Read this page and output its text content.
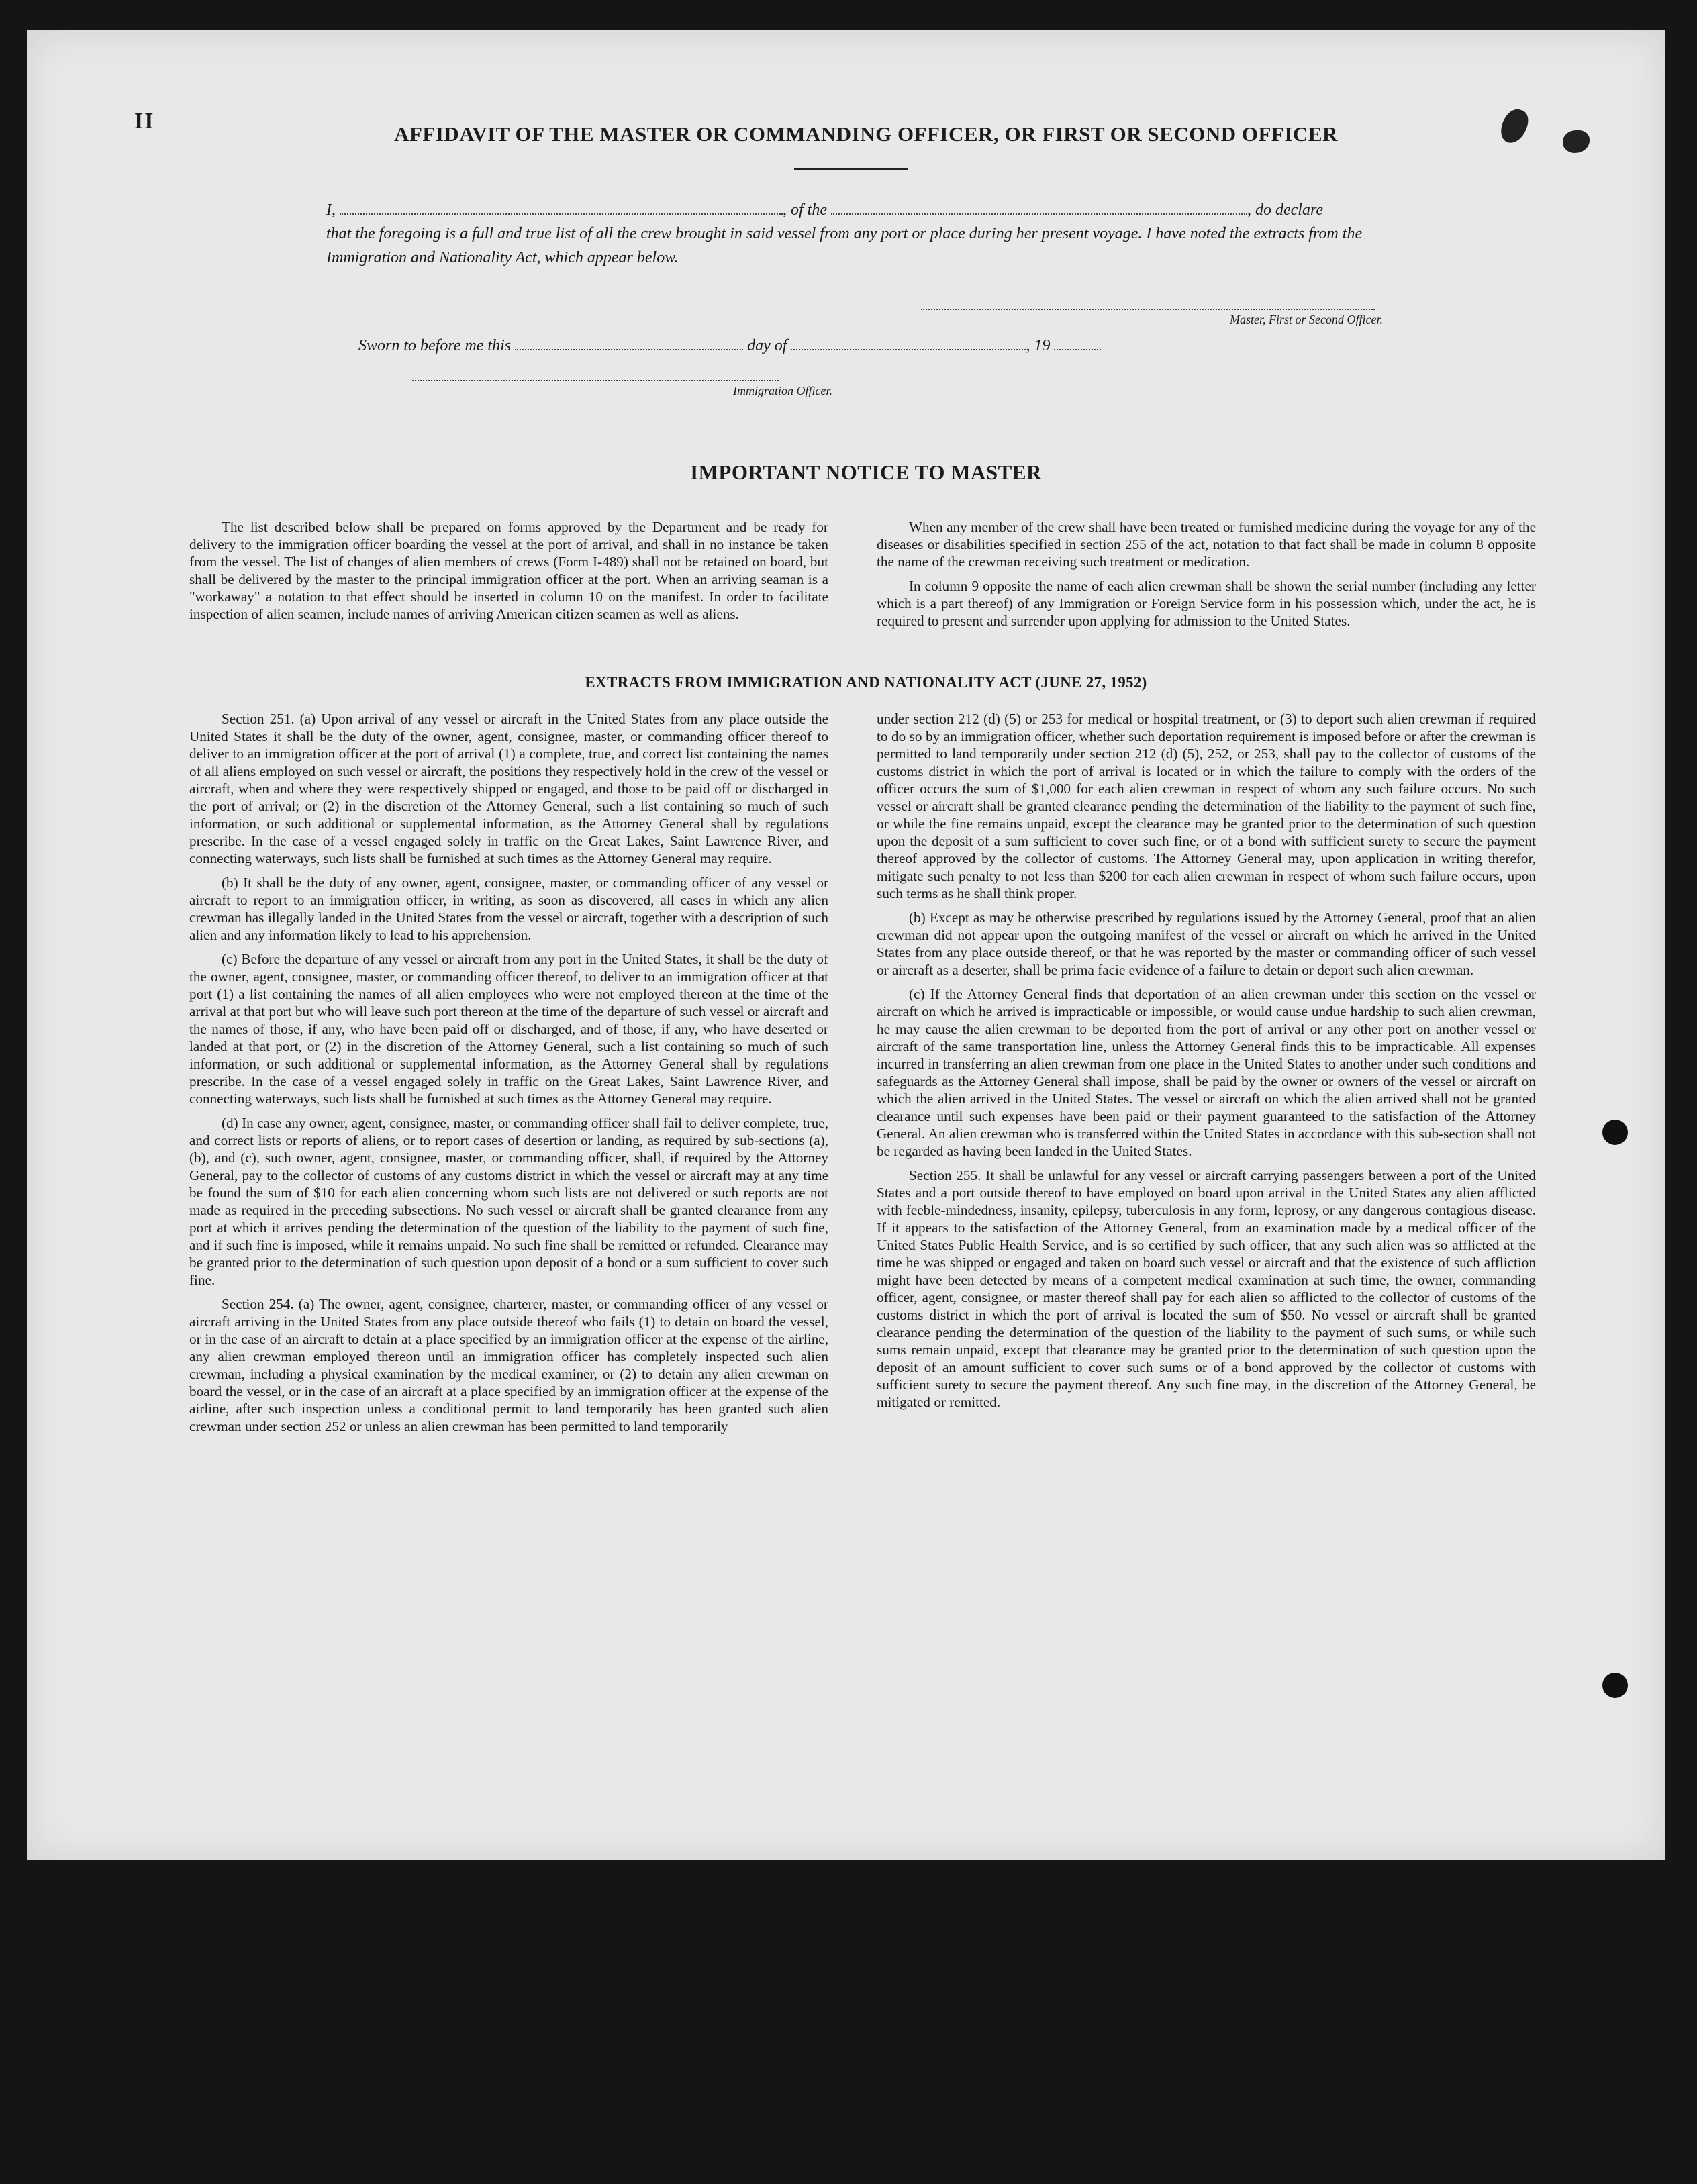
II
AFFIDAVIT OF THE MASTER OR COMMANDING OFFICER, OR FIRST OR SECOND OFFICER
I,	, of the	, do declare
that the foregoing is a full and true list of all the crew brought in said vessel from any port or place during her present voyage. I have noted the extracts from the Immigration and Nationality Act, which appear below.
Master, First or Second Officer.
Sworn to before me this	day of	, 19
Immigration Officer.
IMPORTANT NOTICE TO MASTER

The list described below shall be prepared on forms approved by the Department and be ready for delivery to the immigration officer boarding the vessel at the port of arrival, and shall in no instance be taken from the vessel. The list of changes of alien members of crews (Form I-489) shall not be retained on board, but shall be delivered by the master to the principal immigration officer at the port. When an arriving seaman is a "workaway" a notation to that effect should be inserted in column 10 on the manifest. In order to facilitate inspection of alien seamen, include names of arriving American citizen seamen as well as aliens.

When any member of the crew shall have been treated or furnished medicine during the voyage for any of the diseases or disabilities specified in section 255 of the act, notation to that fact shall be made in column 8 opposite the name of the crewman receiving such treatment or medication.

In column 9 opposite the name of each alien crewman shall be shown the serial number (including any letter which is a part thereof) of any Immigration or Foreign Service form in his possession which, under the act, he is required to present and surrender upon applying for admission to the United States.

EXTRACTS FROM IMMIGRATION AND NATIONALITY ACT (JUNE 27, 1952)

Section 251. (a) Upon arrival of any vessel or aircraft in the United States from any place outside the United States it shall be the duty of the owner, agent, consignee, master, or commanding officer thereof to deliver to an immigration officer at the port of arrival (1) a complete, true, and correct list containing the names of all aliens employed on such vessel or aircraft, the positions they respectively hold in the crew of the vessel or aircraft, when and where they were respectively shipped or engaged, and those to be paid off or discharged in the port of arrival; or (2) in the discretion of the Attorney General, such a list containing so much of such information, or such additional or supplemental information, as the Attorney General shall by regulations prescribe. In the case of a vessel engaged solely in traffic on the Great Lakes, Saint Lawrence River, and connecting waterways, such lists shall be furnished at such times as the Attorney General may require.

(b) It shall be the duty of any owner, agent, consignee, master, or commanding officer of any vessel or aircraft to report to an immigration officer, in writing, as soon as discovered, all cases in which any alien crewman has illegally landed in the United States from the vessel or aircraft, together with a description of such alien and any information likely to lead to his apprehension.

(c) Before the departure of any vessel or aircraft from any port in the United States, it shall be the duty of the owner, agent, consignee, master, or commanding officer thereof, to deliver to an immigration officer at that port (1) a list containing the names of all alien employees who were not employed thereon at the time of the arrival at that port but who will leave such port thereon at the time of the departure of such vessel or aircraft and the names of those, if any, who have been paid off or discharged, and of those, if any, who have deserted or landed at that port, or (2) in the discretion of the Attorney General, such a list containing so much of such information, or such additional or supplemental information, as the Attorney General shall by regulations prescribe. In the case of a vessel engaged solely in traffic on the Great Lakes, Saint Lawrence River, and connecting waterways, such lists shall be furnished at such times as the Attorney General may require.

(d) In case any owner, agent, consignee, master, or commanding officer shall fail to deliver complete, true, and correct lists or reports of aliens, or to report cases of desertion or landing, as required by sub-sections (a), (b), and (c), such owner, agent, consignee, master, or commanding officer, shall, if required by the Attorney General, pay to the collector of customs of any customs district in which the vessel or aircraft may at any time be found the sum of $10 for each alien concerning whom such lists are not delivered or such reports are not made as required in the preceding subsections. No such vessel or aircraft shall be granted clearance from any port at which it arrives pending the determination of the question of the liability to the payment of such fine, and if such fine is imposed, while it remains unpaid. No such fine shall be remitted or refunded. Clearance may be granted prior to the determination of such question upon deposit of a bond or a sum sufficient to cover such fine.

Section 254. (a) The owner, agent, consignee, charterer, master, or commanding officer of any vessel or aircraft arriving in the United States from any place outside thereof who fails (1) to detain on board the vessel, or in the case of an aircraft to detain at a place specified by an immigration officer at the expense of the airline, any alien crewman employed thereon until an immigration officer has completely inspected such alien crewman, including a physical examination by the medical examiner, or (2) to detain any alien crewman on board the vessel, or in the case of an aircraft at a place specified by an immigration officer at the expense of the airline, after such inspection unless a conditional permit to land temporarily has been granted such alien crewman under section 252 or unless an alien crewman has been permitted to land temporarily

under section 212 (d) (5) or 253 for medical or hospital treatment, or (3) to deport such alien crewman if required to do so by an immigration officer, whether such deportation requirement is imposed before or after the crewman is permitted to land temporarily under section 212 (d) (5), 252, or 253, shall pay to the collector of customs of the customs district in which the port of arrival is located or in which the failure to comply with the orders of the officer occurs the sum of $1,000 for each alien crewman in respect of whom any such failure occurs. No such vessel or aircraft shall be granted clearance pending the determination of the liability to the payment of such fine, or while the fine remains unpaid, except the clearance may be granted prior to the determination of such question upon the deposit of a sum sufficient to cover such fine, or of a bond with sufficient surety to secure the payment thereof approved by the collector of customs. The Attorney General may, upon application in writing therefor, mitigate such penalty to not less than $200 for each alien crewman in respect of whom such failure occurs, upon such terms as he shall think proper.

(b) Except as may be otherwise prescribed by regulations issued by the Attorney General, proof that an alien crewman did not appear upon the outgoing manifest of the vessel or aircraft on which he arrived in the United States from any place outside thereof, or that he was reported by the master or commanding officer of such vessel or aircraft as a deserter, shall be prima facie evidence of a failure to detain or deport such alien crewman.

(c) If the Attorney General finds that deportation of an alien crewman under this section on the vessel or aircraft on which he arrived is impracticable or impossible, or would cause undue hardship to such alien crewman, he may cause the alien crewman to be deported from the port of arrival or any other port on another vessel or aircraft of the same transportation line, unless the Attorney General finds this to be impracticable. All expenses incurred in transferring an alien crewman from one place in the United States to another under such conditions and safeguards as the Attorney General shall impose, shall be paid by the owner or owners of the vessel or aircraft on which the alien arrived in the United States. The vessel or aircraft on which the alien arrived shall not be granted clearance until such expenses have been paid or their payment guaranteed to the satisfaction of the Attorney General. An alien crewman who is transferred within the United States in accordance with this sub-section shall not be regarded as having been landed in the United States.

Section 255. It shall be unlawful for any vessel or aircraft carrying passengers between a port of the United States and a port outside thereof to have employed on board upon arrival in the United States any alien afflicted with feeble-mindedness, insanity, epilepsy, tuberculosis in any form, leprosy, or any dangerous contagious disease. If it appears to the satisfaction of the Attorney General, from an examination made by a medical officer of the United States Public Health Service, and is so certified by such officer, that any such alien was so afflicted at the time he was shipped or engaged and taken on board such vessel or aircraft and that the existence of such affliction might have been detected by means of a competent medical examination at such time, the owner, commanding officer, agent, consignee, or master thereof shall pay for each alien so afflicted to the collector of customs of the customs district in which the port of arrival is located the sum of $50. No vessel or aircraft shall be granted clearance pending the determination of the question of the liability to the payment of such sums, or while such sums remain unpaid, except that clearance may be granted prior to the determination of such question upon the deposit of an amount sufficient to cover such sums or of a bond approved by the collector of customs with sufficient surety to secure the payment thereof. Any such fine may, in the discretion of the Attorney General, be mitigated or remitted.
